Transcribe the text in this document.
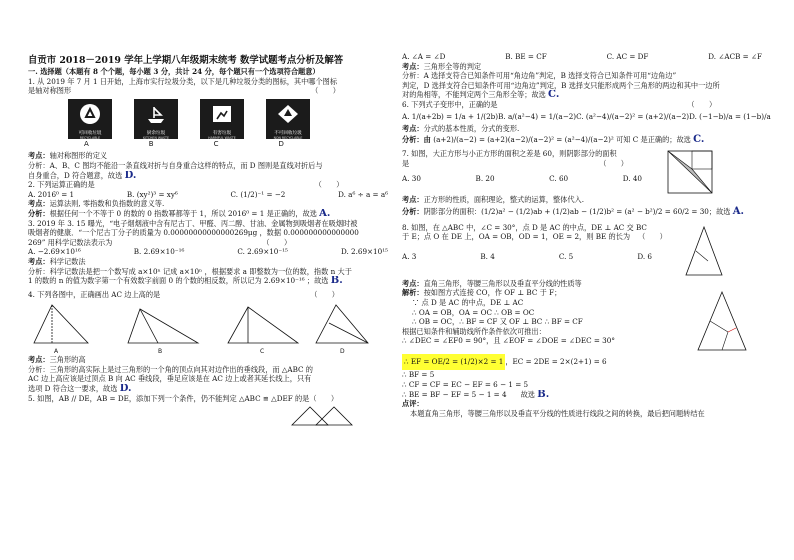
自贡市 2018－2019 学年上学期八年级期末统考 数学试题考点分析及解答
一. 选择题（本题有 8 个个题，每小题 3 分，共计 24 分，每个题只有一个选项符合题意）
1. 从 2019 年 7 月 1 日开始，上海市实行垃圾分类，以下是几种垃圾分类的图标，其中哪个图标
是轴对称图形	（　　）
可回收垃圾
RECYCLABLE
厨余垃圾
KITCHEN WASTE
有害垃圾
HARMFUL WASTE
不可回收垃圾
NON RECYCLABLE
A	B	C	D
考点：轴对称图形的定义
分析：A、B、C 图均不能沿一条直线对折与自身重合这样的特点，而 D 图则是直线对折后与
自身重合，D 符合题意，故选 D.
2. 下列运算正确的是	（　　）
A. 2016⁰ = 1	B. (xy²)³ = xy⁶	C. (1/2)⁻¹ = −2	D. a⁶ ÷ a = a⁶
考点：运算法则, 零指数和负指数的意义等.
分析：根据任何一个不等于 0 的数的 0 指数幂都等于 1，所以 2016⁰ = 1 是正确的，故选 A.
3. 2019 年 3. 15 曝光，“电子烟烟液中含有尼古丁、甲醛、丙二醇、甘油、金属物到吸烟者在吸烟时被
吸烟者的健康．“一个尼古丁分子的质量为 0.00000000000000269μg ，数据 0.000000000000000
269” 用科学记数法表示为	（　　）
A. −2.69×10¹⁶	B. 2.69×10⁻¹⁶	C. 2.69×10⁻¹⁵	D. 2.69×10¹⁵
考点：科学记数法
分析：科学记数法是把一个数写成 a×10ⁿ 记成 a×10ⁿ ，根据要求 a 即整数为一位的数，指数 n 大于
1 的数的 n 的值为数字第一个有效数字前面 0 的个数的相反数，所以记为 2.69×10⁻¹⁶ ；故选 B.
4. 下列各图中，正确画出 AC 边上高的是	（　　）
A	B	C	D
考点：三角形的高
分析：三角形的高实际上是过三角形的一个角的顶点向其对边作出的垂线段，而 △ABC 的
AC 边上高应该是过顶点 B 向 AC 垂线段，垂足应该是在 AC 边上或者其延长线上，只有
选项 D 符合这一要求，故选 D.
5. 如图，AB // DE，AB = DE，添加下列一个条件，仍不能判定 △ABC ≌ △DEF 的是（　　）
A. ∠A = ∠D	B. BE = CF	C. AC = DF	D. ∠ACB = ∠F
考点：三角形全等的判定
分析：A 选择支符合已知条件可用“角边角”判定，B 选择支符合已知条件可用“边角边”
判定，D 选择支符合已知条件可用“边角边”判定，B 选择支只能形成两个三角形的两边和其中一边所
对的角相等，不能判定两个三角形全等；故选 C.
6. 下列式子变形中，正确的是	（　　）
A. 1/(a+2b) = 1/a + 1/(2b) B. a/(a²−4) = 1/(a−2) C. (a²−4)/(a−2)² = (a+2)/(a−2) D. (−1−b)/a = (1−b)/a
考点：分式的基本性质，分式的变形.
分析：由 (a+2)/(a−2) = (a+2)(a−2)/(a−2)² = (a²−4)/(a−2)² 可知 C 是正确的；故选 C.
7. 如图，大正方形与小正方形的面积之差是 60，则阴影部分的面积
是	（　　）
A. 30	B. 20	C. 60	D. 40
考点：正方形的性质，面积理论，整式的运算，整体代入.
分析：阴影部分的面积：(1/2)a² − (1/2)ab + (1/2)ab − (1/2)b² = (a² − b²)/2 = 60/2 = 30；故选 A.
8. 如图，在 △ABC 中，∠C = 30°，点 D 是 AC 的中点，DE ⊥ AC 交 BC
于 E；点 O 在 DE 上，OA = OB，OD = 1，OE = 2，则 BE 的长为 （　　）
A. 3	B. 4	C. 5	D. 6
考点：直角三角形，等腰三角形以及垂直平分线的性质等
解析：按如图方式连接 CO，作 OF ⊥ BC 于 F；
∵ 点 D 是 AC 的中点，DE ⊥ AC
∴ OA = OB，OA = OC ∴ OB = OC
∴ OB = OC，∴ BF = CF 又 OF ⊥ BC ∴ BF = CF
根据已知条件和辅助线所作条件依次可推出：
∴ ∠DEC = ∠EF0 = 90°，且 ∠EOF = ∠DOE = ∠DEC = 30°
∴ EF = OE/2 = (1/2)×2 = 1 ，EC = 2DE = 2×(2+1) = 6
∴ BF = 5
∴ CF = CF = EC − EF = 6 − 1 = 5
∴ BE = BF − EF = 5 − 1 = 4 故选 B.
点评：
本题直角三角形，等腰三角形以及垂直平分线的性质进行线段之间的转换，最后把问题转结在
